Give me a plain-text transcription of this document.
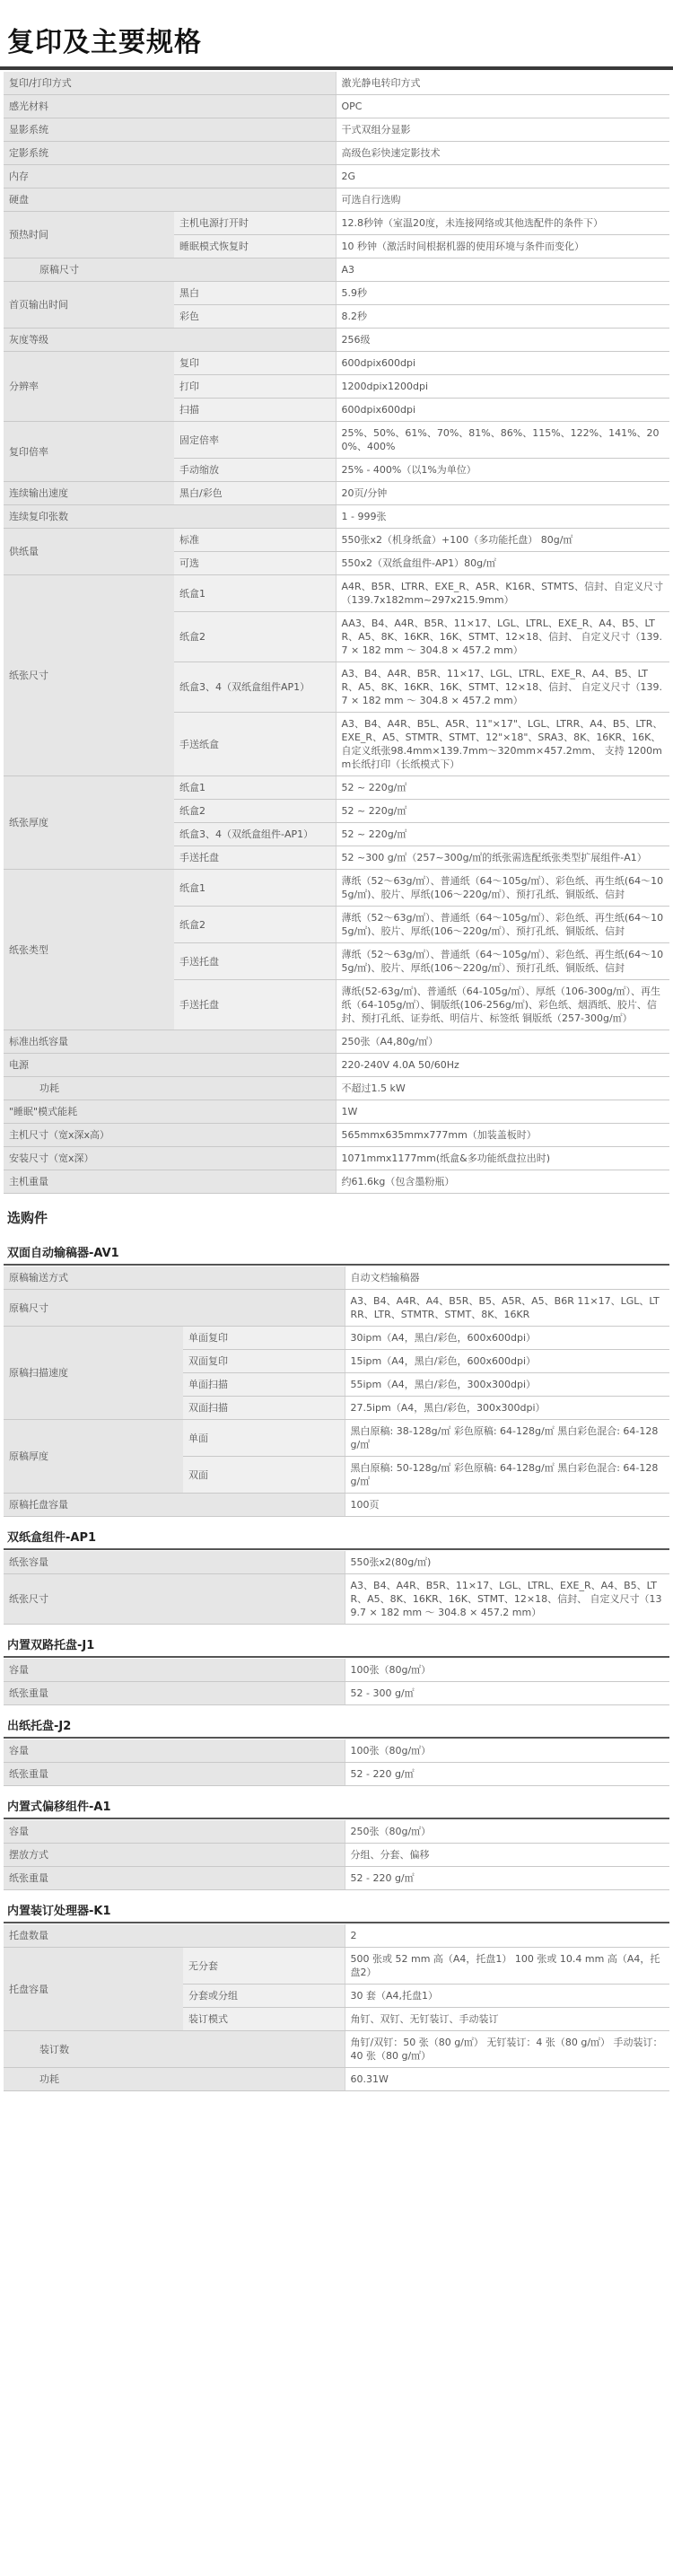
复印及主要规格
复印/打印方式		激光静电转印方式
感光材料		OPC
显影系统		干式双组分显影
定影系统		高级色彩快速定影技术
内存		2G
硬盘		可选自行选购
预热时间	主机电源打开时	12.8秒钟（室温20度，未连接网络或其他选配件的条件下）
	睡眠模式恢复时	10 秒钟（激活时间根据机器的使用环境与条件而变化）
原稿尺寸		A3
首页输出时间	黑白	5.9秒
	彩色	8.2秒
灰度等级		256级
分辨率	复印	600dpix600dpi
	打印	1200dpix1200dpi
	扫描	600dpix600dpi
复印倍率	固定倍率	25%、50%、61%、70%、81%、86%、115%、122%、141%、200%、400%
	手动缩放	25% - 400%（以1%为单位）
连续输出速度	黑白/彩色	20页/分钟
连续复印张数		1 - 999张
供纸量	标准	550张x2（机身纸盒）+100（多功能托盘） 80g/㎡
	可选	550x2（双纸盒组件-AP1）80g/㎡
纸张尺寸	纸盒1	A4R、B5R、LTRR、EXE_R、A5R、K16R、STMTS、信封、自定义尺寸（139.7x182mm~297x215.9mm）
	纸盒2	AA3、B4、A4R、B5R、11×17、LGL、LTRL、EXE_R、A4、B5、LTR、A5、8K、16KR、16K、STMT、12×18、信封、 自定义尺寸（139.7 × 182 mm ～ 304.8 × 457.2 mm）
	纸盒3、4（双纸盒组件AP1）	A3、B4、A4R、B5R、11×17、LGL、LTRL、EXE_R、A4、B5、LTR、A5、8K、16KR、16K、STMT、12×18、信封、 自定义尺寸（139.7 × 182 mm ～ 304.8 × 457.2 mm）
	手送纸盒	A3、B4、A4R、B5L、A5R、11"×17"、LGL、LTRR、A4、B5、LTR、EXE_R、A5、STMTR、STMT、12"×18"、SRA3、8K、16KR、16K、自定义纸张98.4mm×139.7mm～320mm×457.2mm、 支持 1200mm长纸打印（长纸模式下）
纸张厚度	纸盒1	52 ~ 220g/㎡
	纸盒2	52 ~ 220g/㎡
	纸盒3、4（双纸盒组件-AP1）	52 ~ 220g/㎡
	手送托盘	52 ~300 g/㎡（257~300g/㎡的纸张需选配纸张类型扩展组件-A1）
纸张类型	纸盒1	薄纸（52～63g/㎡）、普通纸（64～105g/㎡）、彩色纸、再生纸(64～105g/㎡)、胶片、厚纸(106～220g/㎡）、预打孔纸、铜版纸、信封
	纸盒2	薄纸（52～63g/㎡）、普通纸（64～105g/㎡）、彩色纸、再生纸(64～105g/㎡)、胶片、厚纸(106～220g/㎡）、预打孔纸、铜版纸、信封
	手送托盘	薄纸（52～63g/㎡）、普通纸（64～105g/㎡）、彩色纸、再生纸(64～105g/㎡)、胶片、厚纸(106～220g/㎡）、预打孔纸、铜版纸、信封
	手送托盘	薄纸(52-63g/㎡)、普通纸（64-105g/㎡）、厚纸（106-300g/㎡）、再生纸（64-105g/㎡）、铜版纸(106-256g/㎡)、彩色纸、烟酒纸、胶片、信封、预打孔纸、证券纸、明信片、标签纸 铜版纸（257-300g/㎡）
标准出纸容量		250张（A4,80g/㎡）
电源		220-240V 4.0A 50/60Hz
功耗		不超过1.5 kW
"睡眠"模式能耗		1W
主机尺寸（宽x深x高）		565mmx635mmx777mm（加装盖板时）
安装尺寸（宽x深）		1071mmx1177mm(纸盒&多功能纸盘拉出时)
主机重量		约61.6kg（包含墨粉瓶）
选购件
双面自动输稿器-AV1
原稿输送方式		自动文档输稿器
原稿尺寸		A3、B4、A4R、A4、B5R、B5、A5R、A5、B6R 11×17、LGL、LTRR、LTR、STMTR、STMT、8K、16KR
原稿扫描速度	单面复印	30ipm（A4，黑白/彩色，600x600dpi）
	双面复印	15ipm（A4，黑白/彩色，600x600dpi）
	单面扫描	55ipm（A4，黑白/彩色，300x300dpi）
	双面扫描	27.5ipm（A4，黑白/彩色，300x300dpi）
原稿厚度	单面	黑白原稿: 38-128g/㎡ 彩色原稿: 64-128g/㎡ 黑白彩色混合: 64-128g/㎡
	双面	黑白原稿: 50-128g/㎡ 彩色原稿: 64-128g/㎡ 黑白彩色混合: 64-128g/㎡
原稿托盘容量		100页
双纸盒组件-AP1
纸张容量	550张x2(80g/㎡)
纸张尺寸	A3、B4、A4R、B5R、11×17、LGL、LTRL、EXE_R、A4、B5、LTR、A5、8K、16KR、16K、STMT、12×18、信封、 自定义尺寸（139.7 × 182 mm ～ 304.8 × 457.2 mm）
内置双路托盘-J1
容量	100张（80g/㎡）
纸张重量	52 - 300 g/㎡
出纸托盘-J2
容量	100张（80g/㎡）
纸张重量	52 - 220 g/㎡
内置式偏移组件-A1
容量	250张（80g/㎡）
摆放方式	分组、分套、偏移
纸张重量	52 - 220 g/㎡
内置装订处理器-K1
托盘数量		2
托盘容量	无分套	500 张或 52 mm 高（A4，托盘1） 100 张或 10.4 mm 高（A4，托盘2）
	分套或分组	30 套（A4,托盘1）
	装订模式	角钉、双钉、无钉装订、手动装订
装订数		角钉/双钉：50 张（80 g/㎡） 无钉装订：4 张（80 g/㎡） 手动装订：40 张（80 g/㎡）
功耗		60.31W
